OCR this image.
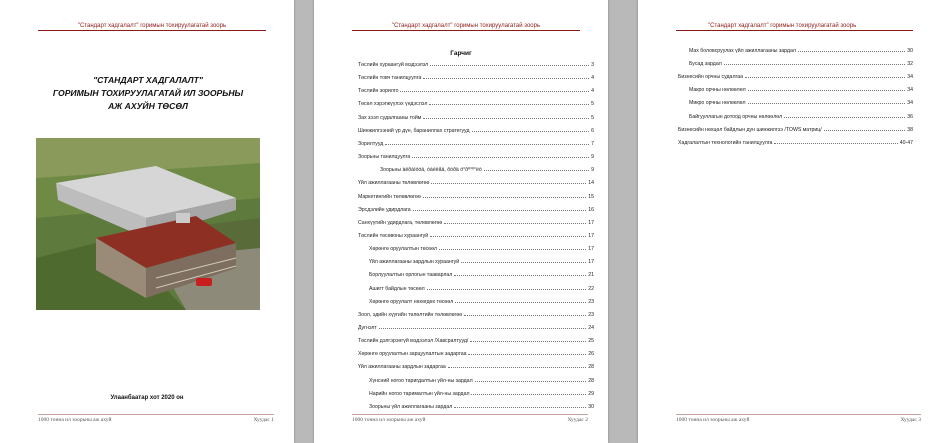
"Стандарт хадгалалт" горимын тохируулагатай зоорь
"СТАНДАРТ ХАДГАЛАЛТ"
ГОРИМЫН ТОХИРУУЛАГАТАЙ ИЛ ЗООРЬНЫ
АЖ АХУЙН ТӨСӨЛ
Улаанбаатар хот 2020 он
1000 тонна ил зоорьны аж ахуй	Хуудас 1
"Стандарт хадгалалт" горимын тохируулагатай зоорь
Гарчиг
Төслийн хураангуй мэдээлэл	3
Төслийн товч танилцуулга	4
Төслийн зорилго	4
Төсөл хэрэгжүүлэх үндэслэл	5
Зах зээл судалгааны тойм	5
Шинжилгээний үр дүн, бараниллах стратегууд	6
Зорилтууд	7
Зоорьны танилцуулга	9
Зоорьны àëõàìóóä, óàéëãä, õóðä ö°ðº°º°ëò	9
Үйл ажиллагааны төлөвлөгөө	14
Маркетингийн төлөвлөгөө	15
Эрсдэлийн удирдлага	16
Санхүүгийн удирдлага, төлөвлөгөө	17
Төслийн төсөвоны хураангуй	17
Хөрөнгө оруулалтын төсөөл	17
Үйл ажиллагааны зардлын хураангуй	17
Борлуулалтын орлогын тааварлал	21
Ашигт байдлын төсөөл	22
Хөрөнгө оруулалт нөхөгдөх төсөөл	23
Зоол, эдийн хүүгийн төлөлтийн төлөвлөгөө	23
Дүгнэлт	24
Төслийн дэлгэрэнгүй мэдээлэл /Хавсралтууд/	25
Хөрөнгө оруулалтын зарцуулалтын задаргаа	26
Үйл ажиллагааны зардлын задаргаа	28
Хүнсний ногоо таригдалтын үйл-ны зардал	28
Нарийн ногоо тарималтын үйл-ны зардал	29
Зоорьны үйл ажиллагааны зардал	30
1000 тонна ил зоорьны аж ахуй	Хуудас 2
"Стандарт хадгалалт" горимын тохируулагатай зоорь
Мах боловсруулах үйл ажиллагааны зардал	30
Бусад зардал	32
Бизнесийн орчны судалгаа	34
Макро орчны нөлөөлөл	34
Микро орчны нөлөөлөл	34
Байгууллагын дотоод орчны нөлөөлөл	36
Бизнесийн нөхцөл байдлын дүн шинжилгээ /TOWS матриц/	38
Хадгалалтын технологийн танилцуулга	40-47
1000 тонна ил зоорьны аж ахуй	Хуудас 3
